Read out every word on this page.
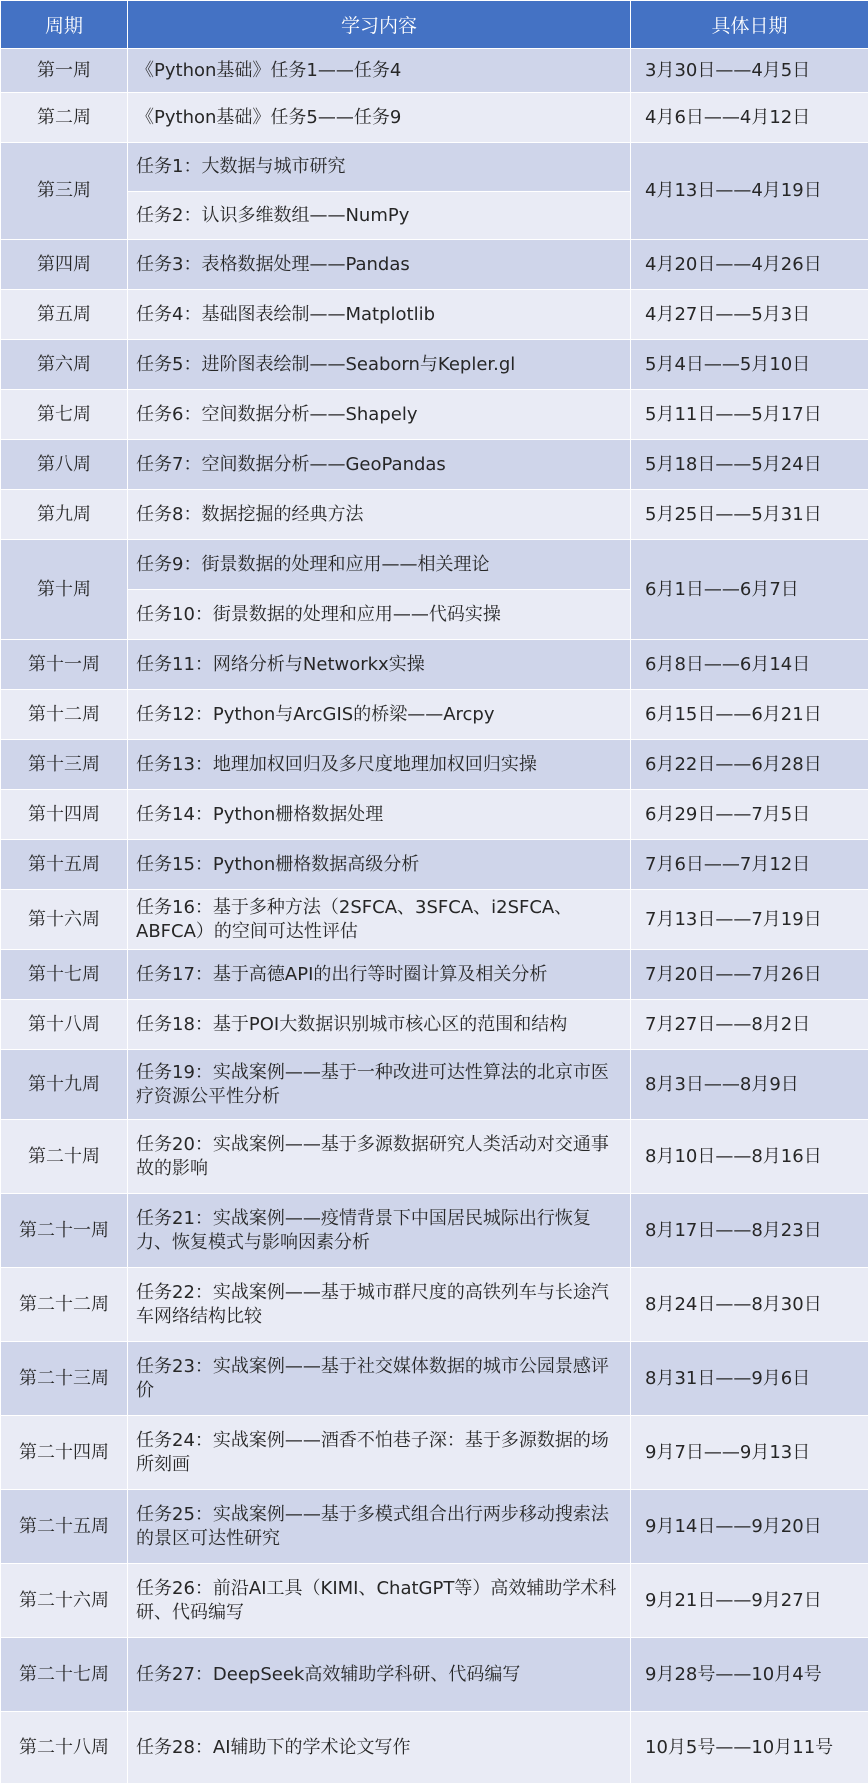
周期	学习内容	具体日期
第一周	《Python基础》任务1——任务4	3月30日——4月5日
第二周	《Python基础》任务5——任务9	4月6日——4月12日
第三周	任务1：大数据与城市研究	4月13日——4月19日
	任务2：认识多维数组——NumPy	
第四周	任务3：表格数据处理——Pandas	4月20日——4月26日
第五周	任务4：基础图表绘制——Matplotlib	4月27日——5月3日
第六周	任务5：进阶图表绘制——Seaborn与Kepler.gl	5月4日——5月10日
第七周	任务6：空间数据分析——Shapely	5月11日——5月17日
第八周	任务7：空间数据分析——GeoPandas	5月18日——5月24日
第九周	任务8：数据挖掘的经典方法	5月25日——5月31日
第十周	任务9：街景数据的处理和应用——相关理论	6月1日——6月7日
	任务10：街景数据的处理和应用——代码实操	
第十一周	任务11：网络分析与Networkx实操	6月8日——6月14日
第十二周	任务12：Python与ArcGIS的桥梁——Arcpy	6月15日——6月21日
第十三周	任务13：地理加权回归及多尺度地理加权回归实操	6月22日——6月28日
第十四周	任务14：Python栅格数据处理	6月29日——7月5日
第十五周	任务15：Python栅格数据高级分析	7月6日——7月12日
第十六周	任务16：基于多种方法（2SFCA、3SFCA、i2SFCA、ABFCA）的空间可达性评估	7月13日——7月19日
第十七周	任务17：基于高德API的出行等时圈计算及相关分析	7月20日——7月26日
第十八周	任务18：基于POI大数据识别城市核心区的范围和结构	7月27日——8月2日
第十九周	任务19：实战案例——基于一种改进可达性算法的北京市医疗资源公平性分析	8月3日——8月9日
第二十周	任务20：实战案例——基于多源数据研究人类活动对交通事故的影响	8月10日——8月16日
第二十一周	任务21：实战案例——疫情背景下中国居民城际出行恢复力、恢复模式与影响因素分析	8月17日——8月23日
第二十二周	任务22：实战案例——基于城市群尺度的高铁列车与长途汽车网络结构比较	8月24日——8月30日
第二十三周	任务23：实战案例——基于社交媒体数据的城市公园景感评价	8月31日——9月6日
第二十四周	任务24：实战案例——酒香不怕巷子深：基于多源数据的场所刻画	9月7日——9月13日
第二十五周	任务25：实战案例——基于多模式组合出行两步移动搜索法的景区可达性研究	9月14日——9月20日
第二十六周	任务26：前沿AI工具（KIMI、ChatGPT等）高效辅助学术科研、代码编写	9月21日——9月27日
第二十七周	任务27：DeepSeek高效辅助学科研、代码编写	9月28号——10月4号
第二十八周	任务28：AI辅助下的学术论文写作	10月5号——10月11号
